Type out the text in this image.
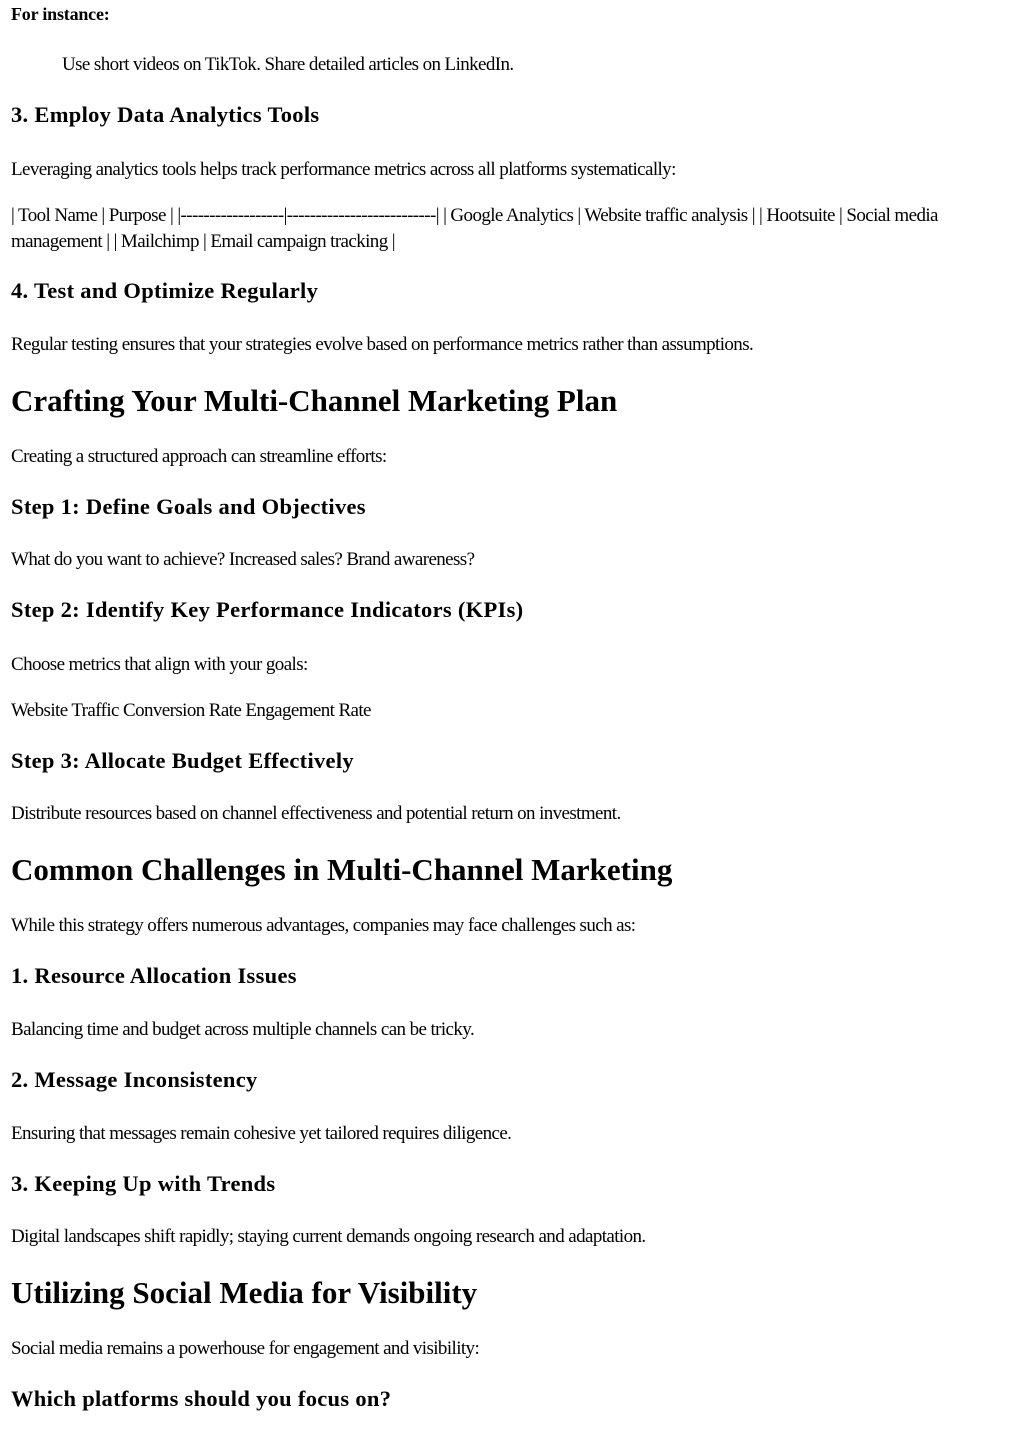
For instance:

Use short videos on TikTok. Share detailed articles on LinkedIn.

3. Employ Data Analytics Tools

Leveraging analytics tools helps track performance metrics across all platforms systematically:

| Tool Name | Purpose | |------------------|--------------------------| | Google Analytics | Website traffic analysis | | Hootsuite | Social media management | | Mailchimp | Email campaign tracking |

4. Test and Optimize Regularly

Regular testing ensures that your strategies evolve based on performance metrics rather than assumptions.

Crafting Your Multi-Channel Marketing Plan

Creating a structured approach can streamline efforts:

Step 1: Define Goals and Objectives

What do you want to achieve? Increased sales? Brand awareness?

Step 2: Identify Key Performance Indicators (KPIs)

Choose metrics that align with your goals:

Website Traffic Conversion Rate Engagement Rate

Step 3: Allocate Budget Effectively

Distribute resources based on channel effectiveness and potential return on investment.

Common Challenges in Multi-Channel Marketing

While this strategy offers numerous advantages, companies may face challenges such as:

1. Resource Allocation Issues

Balancing time and budget across multiple channels can be tricky.

2. Message Inconsistency

Ensuring that messages remain cohesive yet tailored requires diligence.

3. Keeping Up with Trends

Digital landscapes shift rapidly; staying current demands ongoing research and adaptation.

Utilizing Social Media for Visibility

Social media remains a powerhouse for engagement and visibility:

Which platforms should you focus on?
